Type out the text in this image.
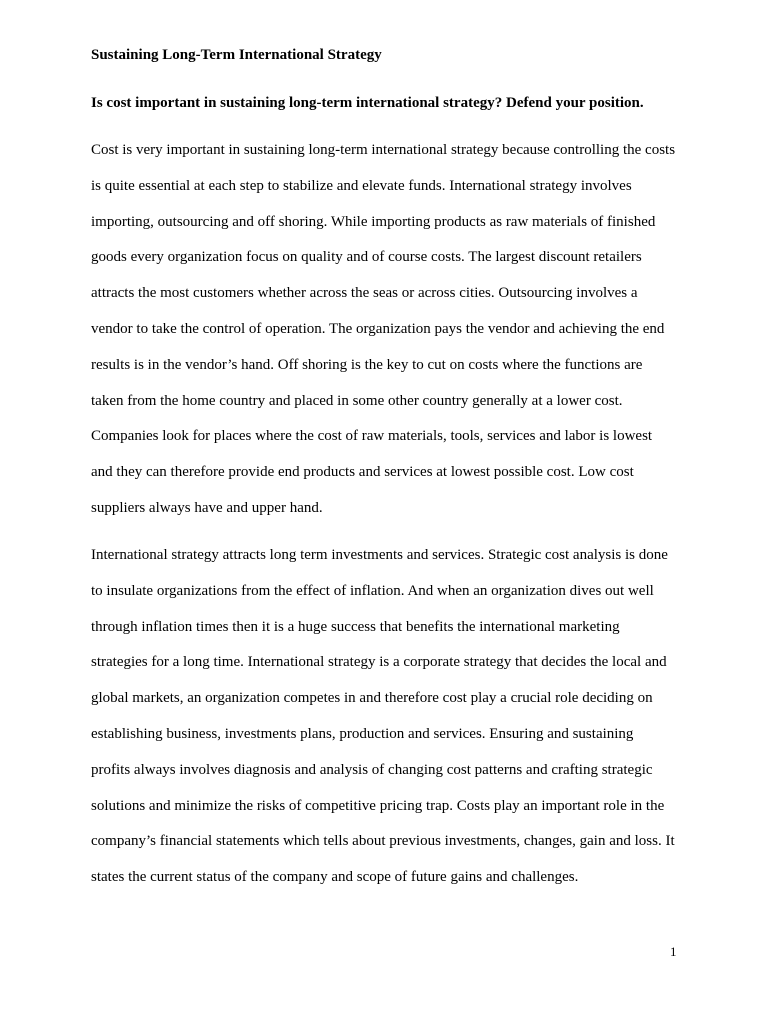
Sustaining Long-Term International Strategy
Is cost important in sustaining long-term international strategy? Defend your position.
Cost is very important in sustaining long-term international strategy because controlling the costs
is quite essential at each step to stabilize and elevate funds. International strategy involves
importing, outsourcing and off shoring. While importing products as raw materials of finished
goods every organization focus on quality and of course costs. The largest discount retailers
attracts the most customers whether across the seas or across cities. Outsourcing involves a
vendor to take the control of operation. The organization pays the vendor and achieving the end
results is in the vendor’s hand. Off shoring is the key to cut on costs where the functions are
taken from the home country and placed in some other country generally at a lower cost.
Companies look for places where the cost of raw materials, tools, services and labor is lowest
and they can therefore provide end products and services at lowest possible cost. Low cost
suppliers always have and upper hand.
International strategy attracts long term investments and services. Strategic cost analysis is done
to insulate organizations from the effect of inflation. And when an organization dives out well
through inflation times then it is a huge success that benefits the international marketing
strategies for a long time. International strategy is a corporate strategy that decides the local and
global markets, an organization competes in and therefore cost play a crucial role deciding on
establishing business, investments plans, production and services. Ensuring and sustaining
profits always involves diagnosis and analysis of changing cost patterns and crafting strategic
solutions and minimize the risks of competitive pricing trap. Costs play an important role in the
company’s financial statements which tells about previous investments, changes, gain and loss. It
states the current status of the company and scope of future gains and challenges.
1
